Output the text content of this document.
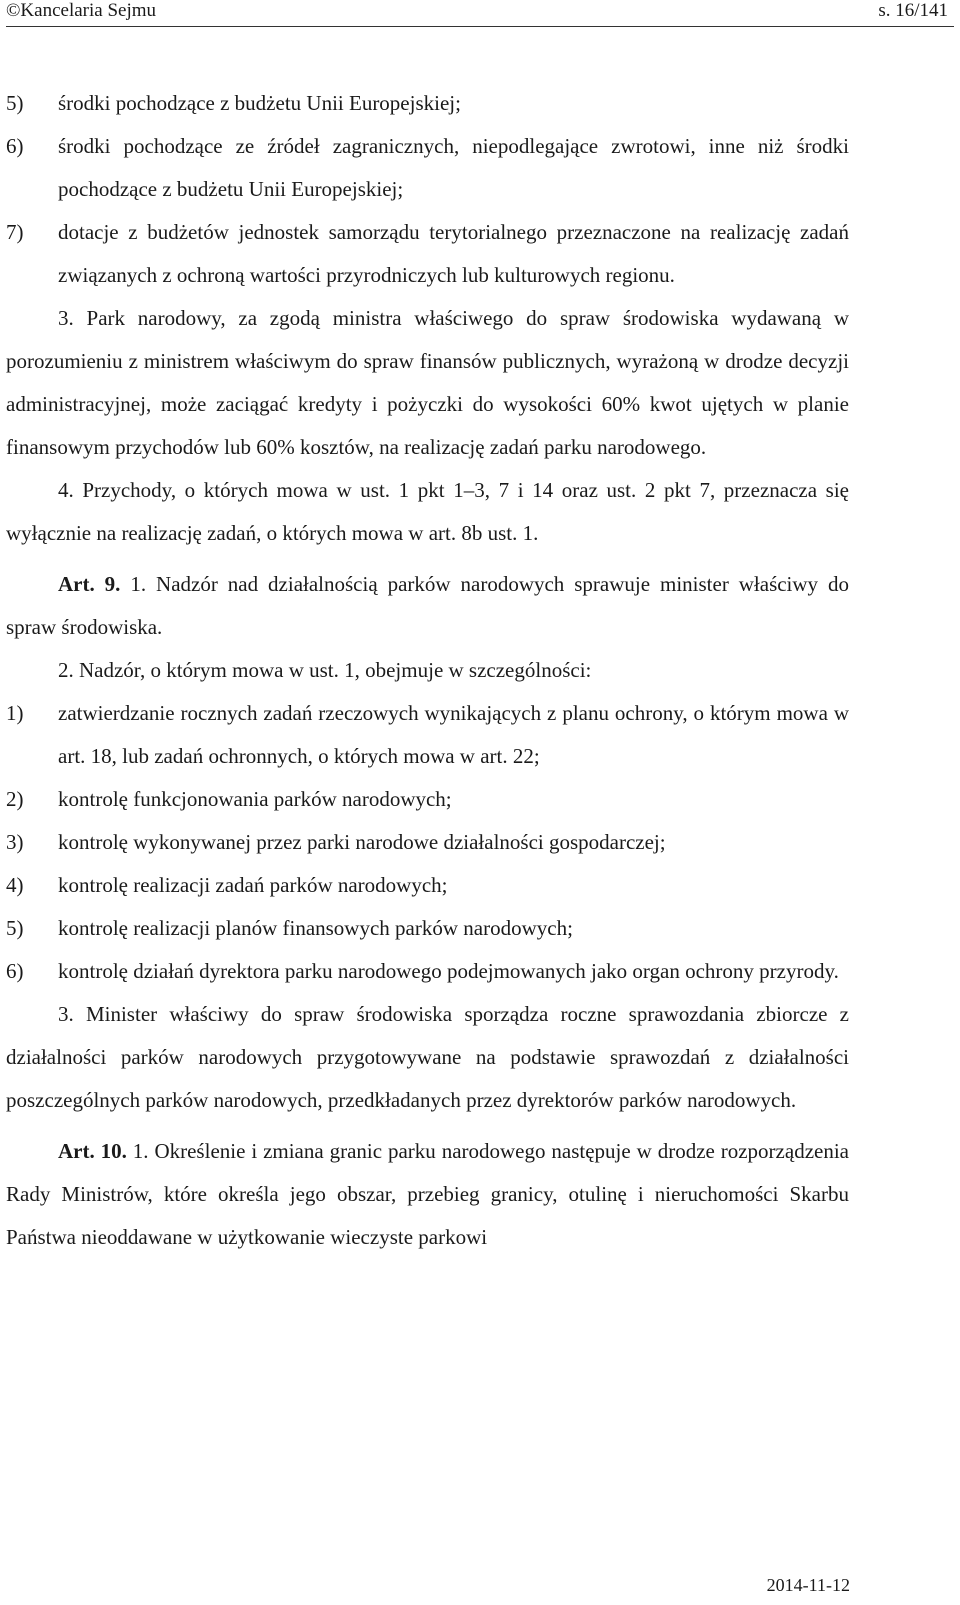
©Kancelaria Sejmu	s. 16/141
5) środki pochodzące z budżetu Unii Europejskiej;
6) środki pochodzące ze źródeł zagranicznych, niepodlegające zwrotowi, inne niż środki pochodzące z budżetu Unii Europejskiej;
7) dotacje z budżetów jednostek samorządu terytorialnego przeznaczone na realizację zadań związanych z ochroną wartości przyrodniczych lub kulturowych regionu.
3. Park narodowy, za zgodą ministra właściwego do spraw środowiska wydawaną w porozumieniu z ministrem właściwym do spraw finansów publicznych, wyrażoną w drodze decyzji administracyjnej, może zaciągać kredyty i pożyczki do wysokości 60% kwot ujętych w planie finansowym przychodów lub 60% kosztów, na realizację zadań parku narodowego.
4. Przychody, o których mowa w ust. 1 pkt 1–3, 7 i 14 oraz ust. 2 pkt 7, przeznacza się wyłącznie na realizację zadań, o których mowa w art. 8b ust. 1.
Art. 9. 1. Nadzór nad działalnością parków narodowych sprawuje minister właściwy do spraw środowiska.
2. Nadzór, o którym mowa w ust. 1, obejmuje w szczególności:
1) zatwierdzanie rocznych zadań rzeczowych wynikających z planu ochrony, o którym mowa w art. 18, lub zadań ochronnych, o których mowa w art. 22;
2) kontrolę funkcjonowania parków narodowych;
3) kontrolę wykonywanej przez parki narodowe działalności gospodarczej;
4) kontrolę realizacji zadań parków narodowych;
5) kontrolę realizacji planów finansowych parków narodowych;
6) kontrolę działań dyrektora parku narodowego podejmowanych jako organ ochrony przyrody.
3. Minister właściwy do spraw środowiska sporządza roczne sprawozdania zbiorcze z działalności parków narodowych przygotowywane na podstawie sprawozdań z działalności poszczególnych parków narodowych, przedkładanych przez dyrektorów parków narodowych.
Art. 10. 1. Określenie i zmiana granic parku narodowego następuje w drodze rozporządzenia Rady Ministrów, które określa jego obszar, przebieg granicy, otulinę i nieruchomości Skarbu Państwa nieoddawane w użytkowanie wieczyste parkowi
2014-11-12
